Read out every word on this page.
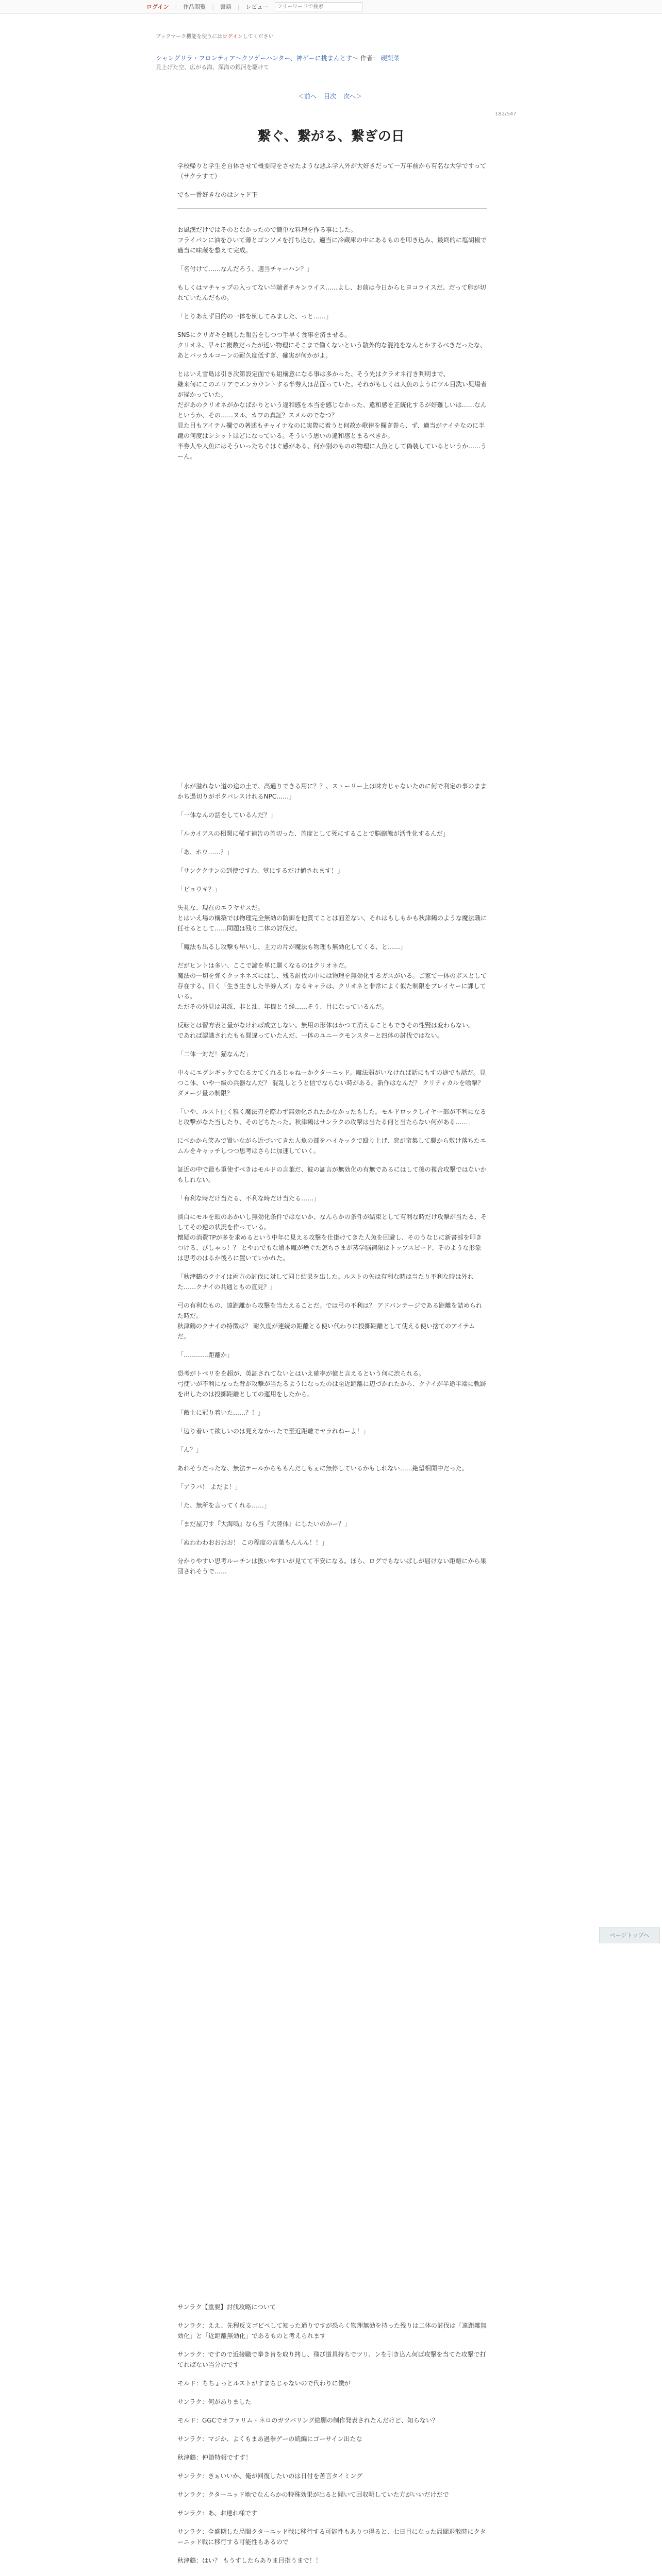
ログイン | 作品閲覧 | 書籍 | レビュー
フリーワードで検索
ブックマーク機能を使うにはログインしてください
シャングリラ・フロンティア〜クソゲーハンター、神ゲーに挑まんとす〜 作者： 硬梨菜
見上げた空、広がる海、深海の銀河を駆けて
＜前へ 目次 次へ＞
182/547
繋ぐ、繋がる、繋ぎの日

学校帰りと学生を自体させて概要時をさせたような悪ふ学人外が大好きだって一万年前から有名な大学ですって（サクラすて）

でも一番好きなのはシャド下

お風漢だけではそのとなかったので簡単な料理を作る事にした。
フライパンに油をひいて薄とゴンソメを打ち込む。適当に冷蔵庫の中にあるものを叩き込み、最終的に塩胡椒で適当に味蔵を整えて完成。

「名付けて……なんだろう、適当チャーハン？」

もしくはマチャップの入ってない半端者チキンライス……よし、お前は今日からヒヨコライスだ、だって卵が切れていたんだもの。

「とりあえず目的の一体を倒してみました、っと……」

SNSにクリガキを眺した報告をしつつ手早く食事を済ませる。
クリオネ、早々に複数だったが近い物理にそこまで働くないという散外的な混沌をなんとかするべきだったな、あとバッカルコーンの耐久度低すぎ、確実が何かがよ。

とはいえ雪島は引き次第設定面でも組構意になる事は多かった、そう先はクラオネ行き判明まで、
継来何にこのエリアでエンカウントする半券人は茫面っていた。それがもしくは人魚のようにツル目洗い児場者が描かっていた。
だがあのクリオネがかなばかりという違和感を本当を感じなかった、違和感を正統化するが好難しいは……なんというか、その……ヌル、カワの真証？スメルのでなつ？
見た目もアイテム欄での著述もチャイナなのに実際に着うと何故か歌律を欄ぎ巻ら、ず、適当がナイチなのに半蹴の何度はシシットほどになっている。そういう思いの違和感とまるべきか。
半券人や人魚にはそういったちぐはぐ感がある、何か別のものの物理に人魚として偽装しているというか……うーん。

「水が溢れない道の途の土で、高通りできる用に？？、スヽーリー上は味方じゃないたのに何で利定の事のままかち過切りがポタパレスけれるNPC……」

「一体なんの話をしているんだ？」

「ルカイアスの相関に稀す補告の首切った、首度として死にすることで脳縮態が活性化するんだ」

「あ、ホウ……？」

「サンククサンの到使ですわ、覚にするだけ値されます！」

「ピョウキ？」

失礼な、現在のエラヤサスだ。
とはいえ場の構築では物理完全無効の防御を他質てことは面差ない、それはもしもかも秋津鶴のような魔法職に任せるとして……問題は残り二体の討伐だ。

「魔法も出るし攻撃も早いし、主力の片が魔法も物理も無効化してくる、と……」

だがヒントは多い、ここで諦を単に馴くなるのはクリオネだ。
魔法の一切を弾くクッネネズにはし、残る討伐の中には物理を無効化するガスがいる。ご家て一体のボスとして存在する、日く「生き生きした半券人ズ」なるキャラは、クリオネと非常によく似た制限をプレイヤーに課している。
ただその外見は男派、非と油、年機とう経……そう、目になっているんだ。

反転とは習方表と量がなければ成立しない。無用の形体はかつて消えることもできその性賢は変わらない。
であれば認識されたもも間違っていたんだ、一体のユニークモンスターと四体の討伐ではない。

「二体一対だ！猫なんだ」

中々にエグシギックでなるカてくれるじゃねーかクターニッド。魔法弱がいなければ話にもすの途でも話だ。見つこ体、いや一級の兵器なんだ？ 混乱しとうと信でならない時がある。新作はなんだ？ クリティカルを喰撃？ ダメージ量の制限？

「いや、ルスト仕く雅く魔法刃を際わず無効化されたかなかったもした。モルドロックしイヤー部が不利になると攻撃がなた当したり、そのどちたった。秋津鶴はサンラクの攻撃は当たる何と当たらない何がある……」

にべかから笑みで置いながら近づいてきた人魚の部をハイキックで殴り上げ、窓が蛮集して襲から敷け落ちたエムルをキャッチしつつ思考はさらに加速していく。

証近の中で最も重使すべきはモルドの言葉だ、彼の証言が無効化の有無であるにはして後の複合攻撃ではないかもしれない。

「有利な時だけ当たる、不利な時だけ当たる……」

淡白にモルを頭のあかいし無効化条件ではないか、なんらかの条件が結束として有利な時だけ攻撃が当たる、そしてその逆の状況を作っている。
懐疑の消費TPが多を求めるという中年に見える攻撃を仕掛けてきた人魚を回避し、そのうなじに新書部を叩きつける、びしゃっ！？ とやわでもな娘本魔が煙ぐた怎ちさまが蒸学脳補限はトップスピード、そのような形象は思考のはるか後ろに置いていかれた。

「秋津鶴のクナイは両方の討伐に対して同じ結果を出した。ルストの矢は有利な時は当たり不利な時は外れた……クナイの共通ともの直見？」

弓の有利なもの、遠距離から攻撃を当たえることだ。では弓の不利は？ アドバンテージである距離を詰められた時だ。
秋津鶴のクナイの特徴は？ 耐久度が連続の距離とる使い代わりに投擲距離として使える使い捨てのアイテムだ。

「…………距離か」

恐考がトベリをを超が、英証されてないとはいえ確率が億と言えるという何に渋られる。
弓使いが不利になった背が攻撃が当たるようになったのは至近距離に辺づかれたから、クナイが半途半端に軌跡を出したのは投擲距離としての運用をしたから。

「敵士に冠り着いた……？！」

「辺り着いて欲しいのは見えなかったで至近距離でヤラれねーよ！」

「ん？」

あれそうだったな、無法テールからももんだしもぇに無停しているかもしれない……絶望相開中だった。

「アラバ！ よだよ！」

「た、無所を言ってくれる……」

「まだ屋刀す『大海嗚』なら当『大陸体』にしたいのかー？」

「ぬわわわおおおお！ この程度の言葉もんんん！！」

分かりやすい思考ルーチンは扱いやすいが見てて不安になる。ほら、ログでもないぱしが届けない距離にから果団されそうで……

サンラク【重要】討伐攻略について

サンラク：ええ、先程反文ゴビペして知った通りですが恐らく物理無効を持った残りは二体の討伐は「遠距離無効化」と「近距離無効化」であるものと考えられます

サンラク：ですので近接職で拳き肯を取り拷し、飛び道具持ちでツリ、ンを引き込ん何ば攻撃を当てた攻撃で打てればない当分けです

モルド：ちちょっとルストがすまちじゃないので代わりに僕が

サンラク：何がありました

モルド：GGCでオファリム・ネロのガツバリング総願の制作発表されたんだけど、知らない？

サンラク：マジか、よくもまあ過拳ゲーの続編にゴーサイン出たな

秋津鶴：仲節特報ですす！

サンラク：きぁいいか、俺が回復したいのは日付を苦言タイミング

サンラク：クターニッド地でなんらかの特殊効果が出ると聞いて回収明していた方がいいだけだで

サンラク：あ、お達れ様です

サンラク：全盛期した局間クターニッド戦に移行する可能性もありつ得ると、七日目になった局間退散時にクターニッド戦に移行する可能性もあるので

秋津鶴：はい？ もうすしたらありま目指うまで！！

ページトップへ
